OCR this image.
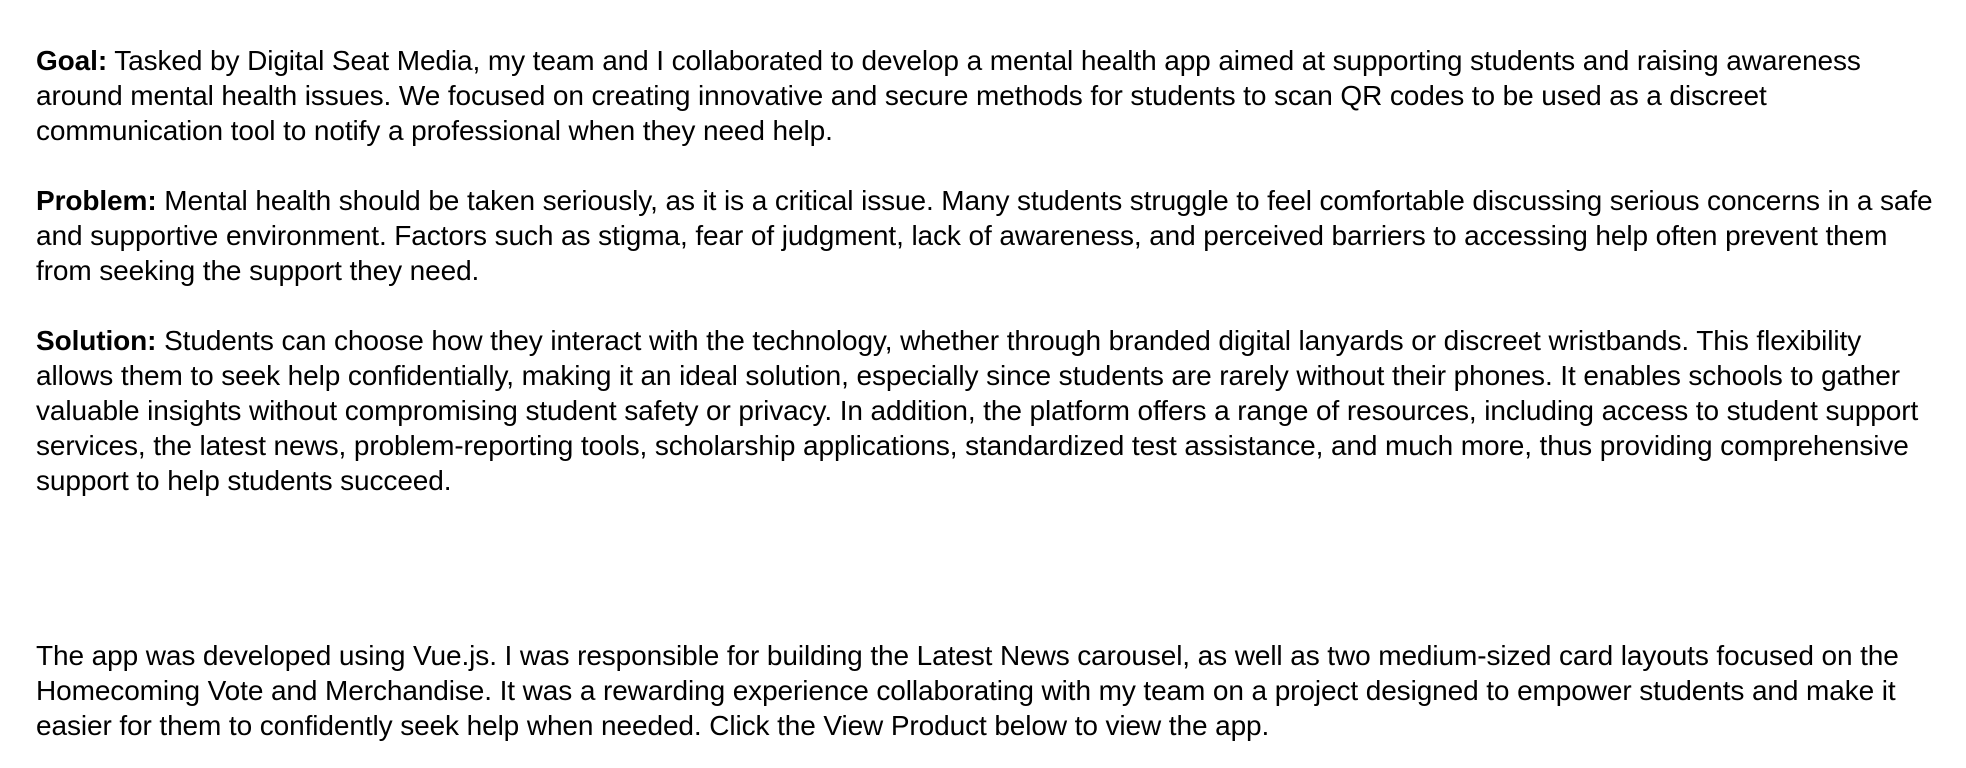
Goal: Tasked by Digital Seat Media, my team and I collaborated to develop a mental health app aimed at supporting students and raising awareness around mental health issues. We focused on creating innovative and secure methods for students to scan QR codes to be used as a discreet communication tool to notify a professional when they need help.

Problem: Mental health should be taken seriously, as it is a critical issue. Many students struggle to feel comfortable discussing serious concerns in a safe and supportive environment. Factors such as stigma, fear of judgment, lack of awareness, and perceived barriers to accessing help often prevent them from seeking the support they need.

Solution: Students can choose how they interact with the technology, whether through branded digital lanyards or discreet wristbands. This flexibility allows them to seek help confidentially, making it an ideal solution, especially since students are rarely without their phones. It enables schools to gather valuable insights without compromising student safety or privacy. In addition, the platform offers a range of resources, including access to student support services, the latest news, problem-reporting tools, scholarship applications, standardized test assistance, and much more, thus providing comprehensive support to help students succeed.

The app was developed using Vue.js. I was responsible for building the Latest News carousel, as well as two medium-sized card layouts focused on the Homecoming Vote and Merchandise. It was a rewarding experience collaborating with my team on a project designed to empower students and make it easier for them to confidently seek help when needed. Click the View Product below to view the app.
